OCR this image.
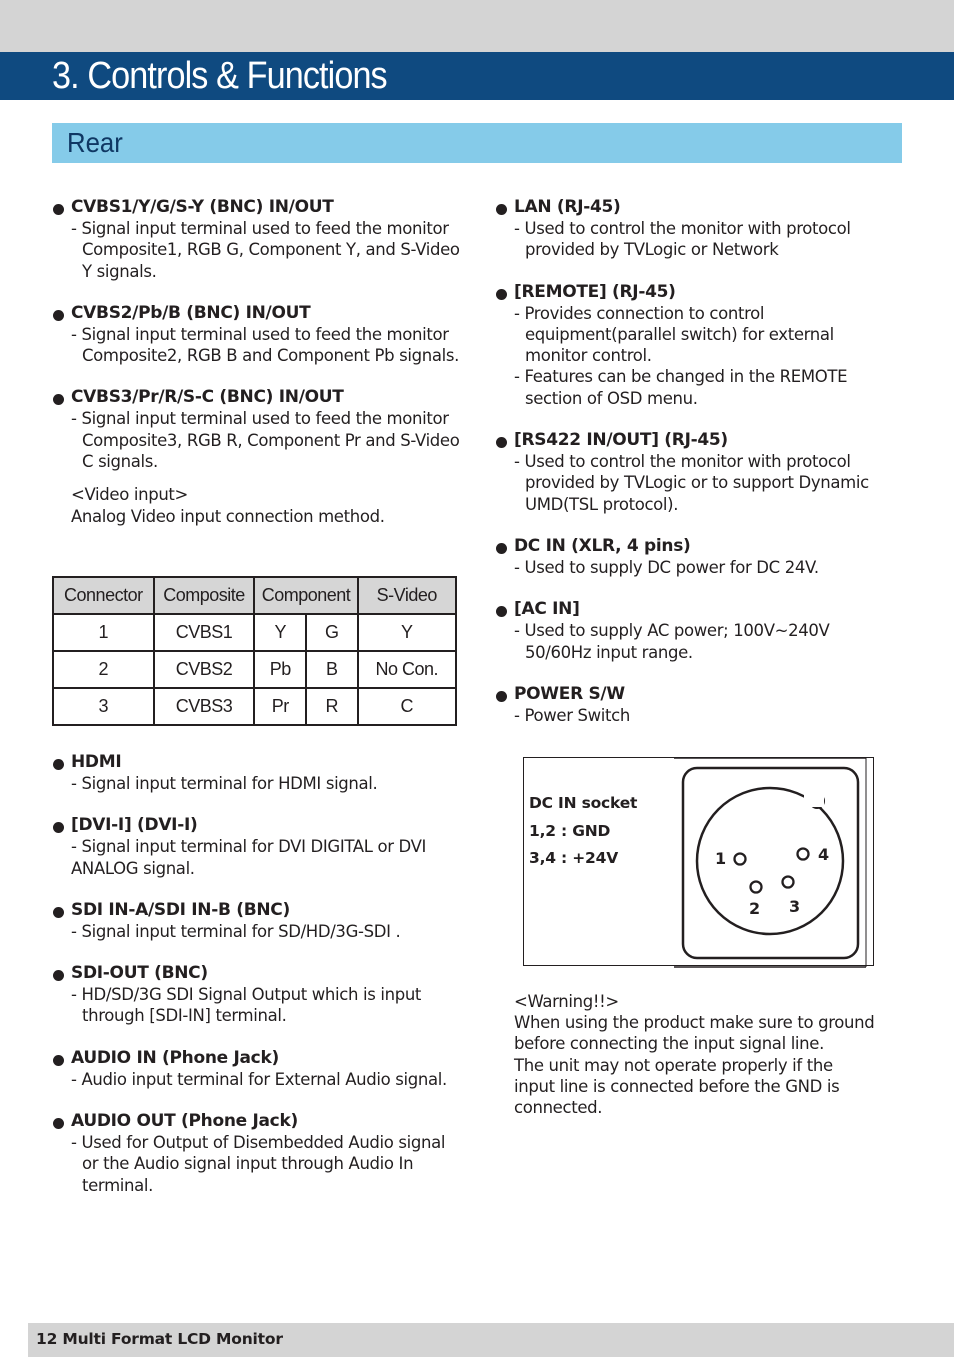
3. Controls & Functions
Rear
CVBS1/Y/G/S-Y (BNC) IN/OUT
- Signal input terminal used to feed the monitor Composite1, RGB G, Component Y, and S-Video Y signals.
CVBS2/Pb/B (BNC) IN/OUT
- Signal input terminal used to feed the monitor Composite2, RGB B and Component Pb signals.
CVBS3/Pr/R/S-C (BNC) IN/OUT
- Signal input terminal used to feed the monitor Composite3, RGB R, Component Pr and S-Video C signals.
<Video input>
Analog Video input connection method.
Connector	Composite	Component		S-Video
1	CVBS1	Y	G	Y
2	CVBS2	Pb	B	No Con.
3	CVBS3	Pr	R	C
HDMI
- Signal input terminal for HDMI signal.
[DVI-I] (DVI-I)
- Signal input terminal for DVI DIGITAL or DVI ANALOG signal.
SDI IN-A/SDI IN-B (BNC)
- Signal input terminal for SD/HD/3G-SDI .
SDI-OUT (BNC)
- HD/SD/3G SDI Signal Output which is input through [SDI-IN] terminal.
AUDIO IN (Phone Jack)
- Audio input terminal for External Audio signal.
AUDIO OUT (Phone Jack)
- Used for Output of Disembedded Audio signal or the Audio signal input through Audio In terminal.
LAN (RJ-45)
- Used to control the monitor with protocol provided by TVLogic or Network
[REMOTE] (RJ-45)
- Provides connection to control equipment(parallel switch) for external monitor control.
- Features can be changed in the REMOTE section of OSD menu.
[RS422 IN/OUT] (RJ-45)
- Used to control the monitor with protocol provided by TVLogic or to support Dynamic UMD(TSL protocol).
DC IN (XLR, 4 pins)
- Used to supply DC power for DC 24V.
[AC IN]
- Used to supply AC power; 100V~240V 50/60Hz input range.
POWER S/W
- Power Switch
DC IN socket
1,2 : GND
3,4 : +24V	1
2 3
4
<Warning!!>
When using the product make sure to ground before connecting the input signal line.
The unit may not operate properly if the input line is connected before the GND is connected.
12 Multi Format LCD Monitor
